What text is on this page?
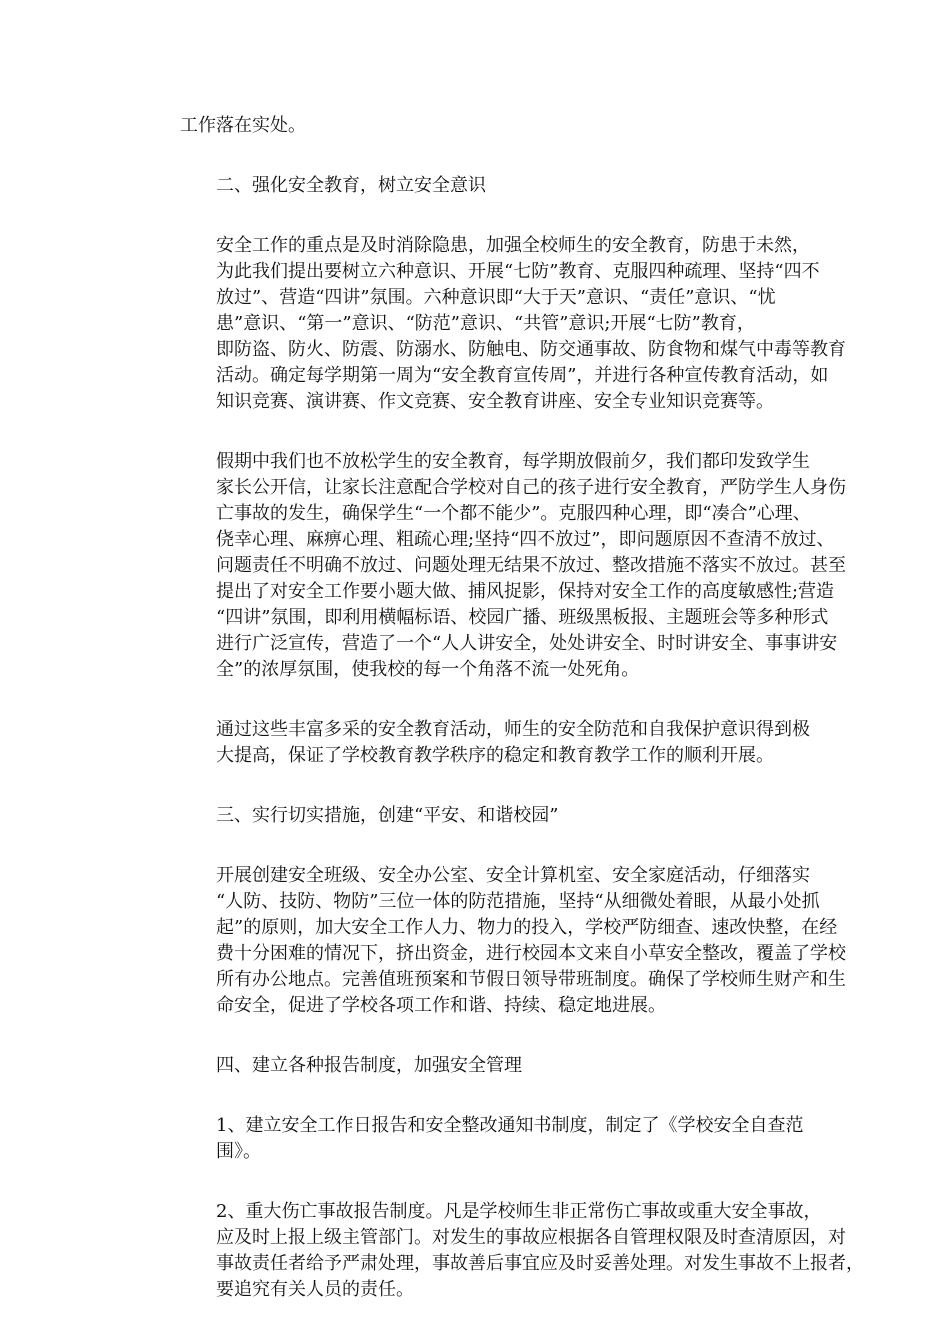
工作落在实处。
二、强化安全教育，树立安全意识
安全工作的重点是及时消除隐患，加强全校师生的安全教育，防患于未然，
为此我们提出要树立六种意识、开展“七防”教育、克服四种疏理、坚持“四不
放过”、营造“四讲”氛围。六种意识即“大于天”意识、“责任”意识、“忧
患”意识、“第一”意识、“防范”意识、“共管”意识;开展“七防”教育，
即防盗、防火、防震、防溺水、防触电、防交通事故、防食物和煤气中毒等教育
活动。确定每学期第一周为“安全教育宣传周”，并进行各种宣传教育活动，如
知识竞赛、演讲赛、作文竞赛、安全教育讲座、安全专业知识竞赛等。
假期中我们也不放松学生的安全教育，每学期放假前夕，我们都印发致学生
家长公开信，让家长注意配合学校对自己的孩子进行安全教育，严防学生人身伤
亡事故的发生，确保学生“一个都不能少”。克服四种心理，即“凑合”心理、
侥幸心理、麻痹心理、粗疏心理;坚持“四不放过”，即问题原因不查清不放过、
问题责任不明确不放过、问题处理无结果不放过、整改措施不落实不放过。甚至
提出了对安全工作要小题大做、捕风捉影，保持对安全工作的高度敏感性;营造
“四讲”氛围，即利用横幅标语、校园广播、班级黑板报、主题班会等多种形式
进行广泛宣传，营造了一个“人人讲安全，处处讲安全、时时讲安全、事事讲安
全”的浓厚氛围，使我校的每一个角落不流一处死角。
通过这些丰富多采的安全教育活动，师生的安全防范和自我保护意识得到极
大提高，保证了学校教育教学秩序的稳定和教育教学工作的顺利开展。
三、实行切实措施，创建“平安、和谐校园”
开展创建安全班级、安全办公室、安全计算机室、安全家庭活动，仔细落实
“人防、技防、物防”三位一体的防范措施，坚持“从细微处着眼，从最小处抓
起”的原则，加大安全工作人力、物力的投入，学校严防细查、速改快整，在经
费十分困难的情况下，挤出资金，进行校园本文来自小草安全整改，覆盖了学校
所有办公地点。完善值班预案和节假日领导带班制度。确保了学校师生财产和生
命安全，促进了学校各项工作和谐、持续、稳定地进展。
四、建立各种报告制度，加强安全管理
1、建立安全工作日报告和安全整改通知书制度，制定了《学校安全自查范
围》。
2、重大伤亡事故报告制度。凡是学校师生非正常伤亡事故或重大安全事故，
应及时上报上级主管部门。对发生的事故应根据各自管理权限及时查清原因，对
事故责任者给予严肃处理，事故善后事宜应及时妥善处理。对发生事故不上报者，
要追究有关人员的责任。
